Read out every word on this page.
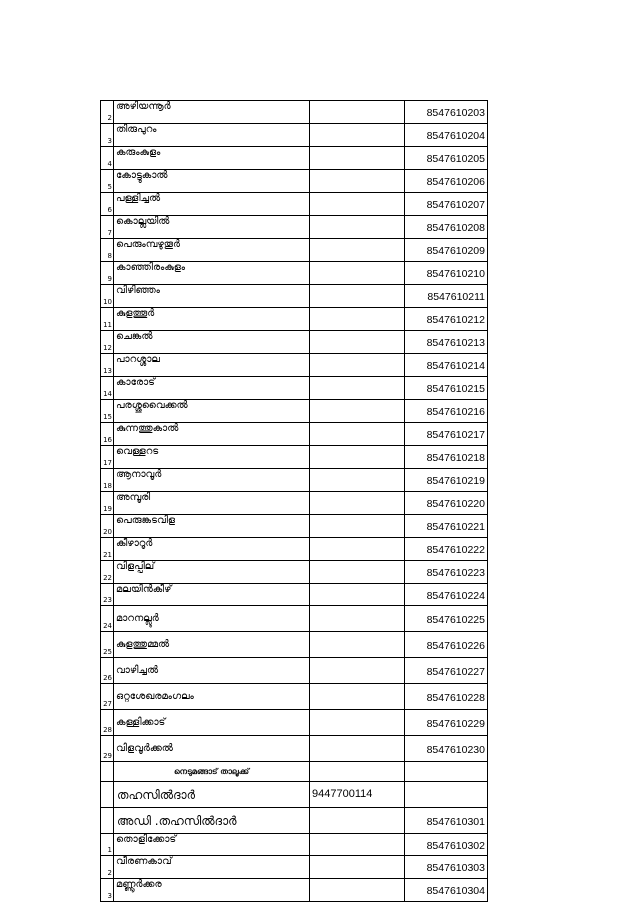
2	അഴിയന്നൂർ		8547610203
3	തിരുപുറം		8547610204
4	കരുംകുളം		8547610205
5	കോട്ടുകാൽ		8547610206
6	പള്ളിച്ചൽ		8547610207
7	കൊല്ലയിൽ		8547610208
8	പെരുംമ്പഴുതൂർ		8547610209
9	കാഞ്ഞിരംകുളം		8547610210
10	വിഴിഞ്ഞം		8547610211
11	കുളത്തൂർ		8547610212
12	ചെങ്കൽ		8547610213
13	പാറശ്ശാല		8547610214
14	കാരോട്		8547610215
15	പരശ്ശുവൈക്കൽ		8547610216
16	കുന്നത്തുകാൽ		8547610217
17	വെള്ളറട		8547610218
18	ആനാവൂർ		8547610219
19	അമ്പൂരി		8547610220
20	പെരുങ്കടവിള		8547610221
21	കീഴാറൂർ		8547610222
22	വിളപ്പില്		8547610223
23	മലയിൻകീഴ്		8547610224
24	മാറനല്ലൂർ		8547610225
25	കുളത്തുമ്മൽ		8547610226
26	വാഴിച്ചൽ		8547610227
27	ഒറ്റശേഖരമംഗലം		8547610228
28	കള്ളിക്കാട്		8547610229
29	വിളവൂർക്കൽ		8547610230
	നെടുമങ്ങാട് താലൂക്ക്		
	തഹസിൽദാർ	9447700114	
	അഡി .തഹസിൽദാർ		8547610301
1	തൊളിക്കോട്		8547610302
2	വീരണകാവ്		8547610303
3	മണ്ണൂർക്കര		8547610304
